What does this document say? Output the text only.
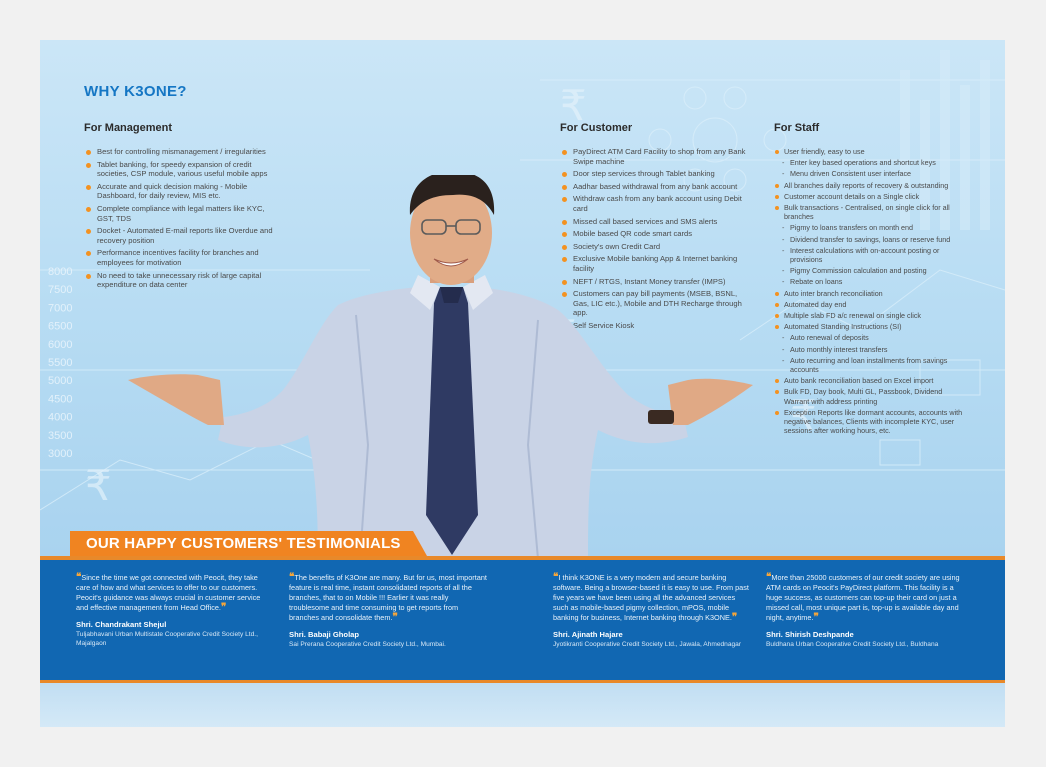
₹
₹
₹
8000
7500
7000
6500
6000
5500
5000
4500
4000
3500
3000
WHY K3ONE?
For Management
Best for controlling mismanagement / irregularities
Tablet banking, for speedy expansion of credit societies, CSP module, various useful mobile apps
Accurate and quick decision making - Mobile Dashboard, for daily review, MIS etc.
Complete compliance with legal matters like KYC, GST, TDS
Docket - Automated E-mail reports like Overdue and recovery position
Performance incentives facility for branches and employees for motivation
No need to take unnecessary risk of large capital expenditure on data center
For Customer
PayDirect ATM Card Facility to shop from any Bank Swipe machine
Door step services through Tablet banking
Aadhar based withdrawal from any bank account
Withdraw cash from any bank account using Debit card
Missed call based services and SMS alerts
Mobile based QR code smart cards
Society's own Credit Card
Exclusive Mobile banking App & Internet banking facility
NEFT / RTGS, Instant Money transfer (IMPS)
Customers can pay bill payments (MSEB, BSNL, Gas, LIC etc.), Mobile and DTH Recharge through app.
Self Service Kiosk
For Staff
User friendly, easy to use
- Enter key based operations and shortcut keys
- Menu driven Consistent user interface
All branches daily reports of recovery & outstanding
Customer account details on a Single click
Bulk transactions - Centralised, on single click for all branches
- Pigmy to loans transfers on month end
- Dividend transfer to savings, loans or reserve fund
- Interest calculations with on-account posting or provisions
- Pigmy Commission calculation and posting
- Rebate on loans
Auto inter branch reconciliation
Automated day end
Multiple slab FD a/c renewal on single click
Automated Standing Instructions (SI)
- Auto renewal of deposits
- Auto monthly interest transfers
- Auto recurring and loan installments from savings accounts
Auto bank reconciliation based on Excel import
Bulk FD, Day book, Multi GL, Passbook, Dividend Warrant with address printing
Exception Reports like dormant accounts, accounts with negative balances, Clients with incomplete KYC, user sessions after working hours, etc.
OUR HAPPY CUSTOMERS' TESTIMONIALS
❝Since the time we got connected with Peocit, they take care of how and what services to offer to our customers. Peocit's guidance was always crucial in customer service and effective management from Head Office.❞
Shri. Chandrakant Shejul
Tuljabhavani Urban Multistate Cooperative Credit Society Ltd., Majalgaon
❝The benefits of K3One are many. But for us, most important feature is real time, instant consolidated reports of all the branches, that to on Mobile !!! Earlier it was really troublesome and time consuming to get reports from branches and consolidate them.❞
Shri. Babaji Gholap
Sai Prerana Cooperative Credit Society Ltd., Mumbai.
❝I think K3ONE is a very modern and secure banking software. Being a browser-based it is easy to use. From past five years we have been using all the advanced services such as mobile-based pigmy collection, mPOS, mobile banking for business, Internet banking through K3ONE.❞
Shri. Ajinath Hajare
Jyotikranti Cooperative Credit Society Ltd., Jawala, Ahmednagar
❝More than 25000 customers of our credit society are using ATM cards on Peocit's PayDirect platform. This facility is a huge success, as customers can top-up their card on just a missed call, most unique part is, top-up is available day and night, anytime.❞
Shri. Shirish Deshpande
Buldhana Urban Cooperative Credit Society Ltd., Buldhana
